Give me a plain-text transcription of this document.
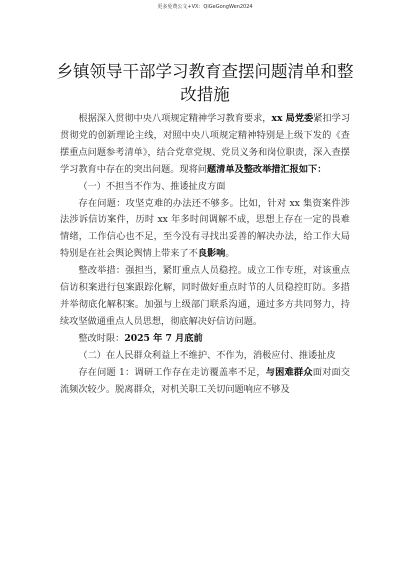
更多免费公文+VX：QiGeGongWen2024
乡镇领导干部学习教育查摆问题清单和整改措施

根据深入贯彻中央八项规定精神学习教育要求，xx 局党委紧扣学习贯彻党的创新理论主线，对照中央八项规定精神特别是上级下发的《查摆重点问题参考清单》，结合党章党规、党员义务和岗位职责，深入查摆学习教育中存在的突出问题。现将问题清单及整改举措汇报如下：

（一）不担当不作为、推诿扯皮方面

存在问题：攻坚克难的办法还不够多。比如，针对 xx 集资案件涉法涉诉信访案件，历时 xx 年多时间调解不成，思想上存在一定的畏难情绪，工作信心也不足，至今没有寻找出妥善的解决办法，给工作大局特别是在社会舆论舆情上带来了不良影响。

整改举措：强担当，紧盯重点人员稳控。成立工作专班，对该重点信访积案进行包案跟踪化解，同时做好重点时节的人员稳控盯防。多措并举彻底化解积案。加强与上级部门联系沟通，通过多方共同努力，持续攻坚做通重点人员思想，彻底解决好信访问题。

整改时限：2025 年 7 月底前

（二）在人民群众利益上不维护、不作为，消极应付、推诿扯皮

存在问题 1：调研工作存在走访覆盖率不足，与困难群众面对面交流频次较少。脱离群众，对机关职工关切问题响应不够及
